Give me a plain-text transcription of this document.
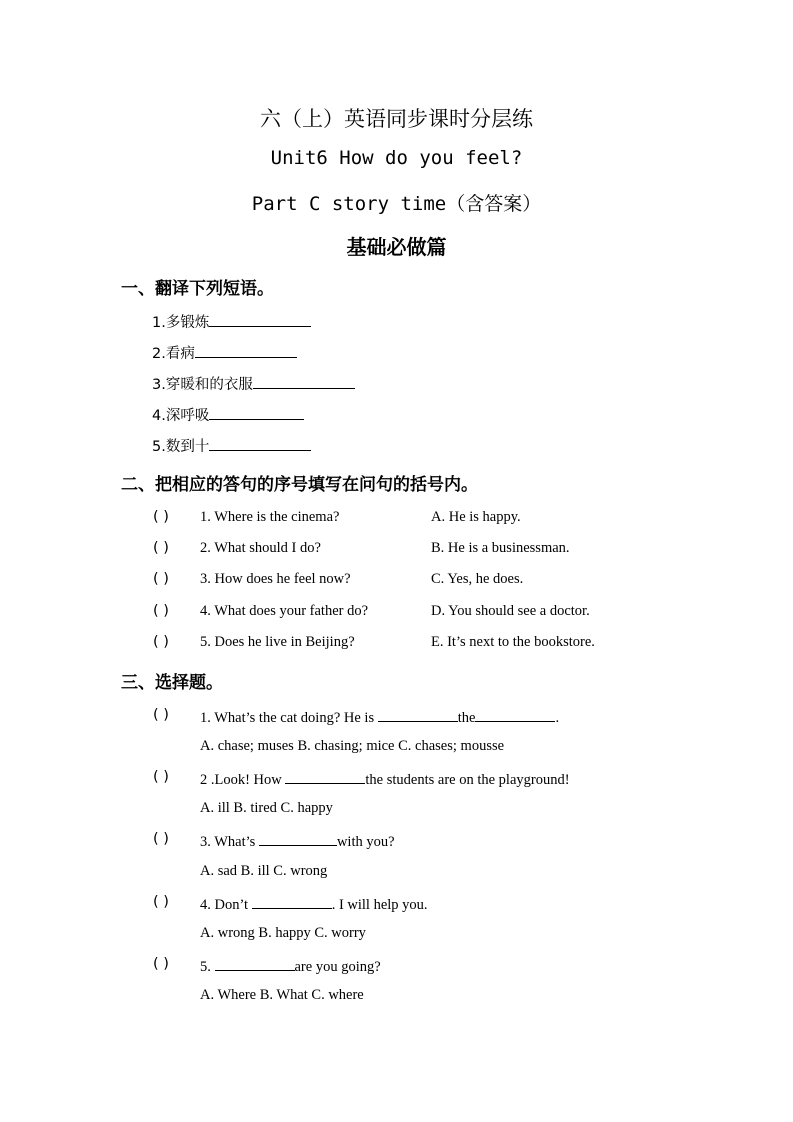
六（上）英语同步课时分层练
Unit6 How do you feel?
Part C story time（含答案）
基础必做篇
一、翻译下列短语。
1.多锻炼
2.看病
3.穿暖和的衣服
4.深呼吸
5.数到十
二、把相应的答句的序号填写在问句的括号内。
( ) 1. Where is the cinema?	A. He is happy.
( ) 2. What should I do?	B. He is a businessman.
( ) 3. How does he feel now?	C. Yes, he does.
( ) 4. What does your father do?	D. You should see a doctor.
( ) 5. Does he live in Beijing?	E. It’s next to the bookstore.
三、选择题。
( ) 1. What’s the cat doing? He is	the	.
A. chase; muses B. chasing; mice C. chases; mousse
( ) 2 .Look! How	the students are on the playground!
A. ill B. tired C. happy
( ) 3. What’s	with you?
A. sad B. ill C. wrong
( ) 4. Don’t	. I will help you.
A. wrong B. happy C. worry
( ) 5.	are you going?
A. Where B. What C. where
